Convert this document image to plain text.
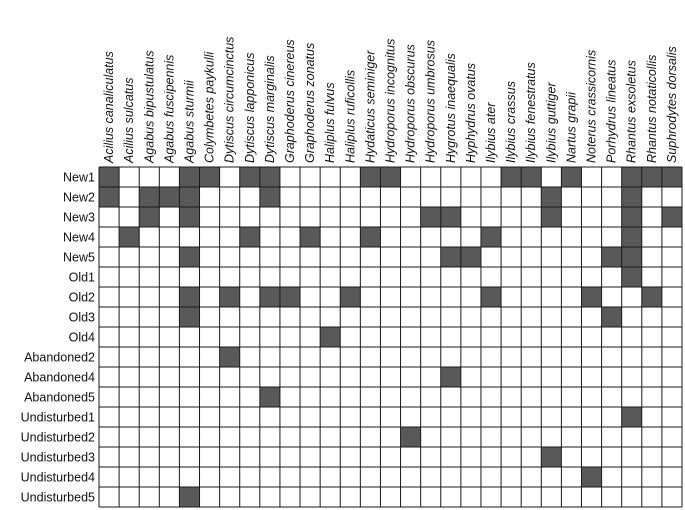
Acilius canaliculatus Acilius sulcatus Agabus bipustulatus Agabus fuscipennis Agabus sturmii Colymbetes paykulli Dytiscus circumcinctus Dytiscus lapponicus Dytiscus marginalis Graphoderus cinereus Graphoderus zonatus Haliplus fulvus Haliplus ruficollis Hydaticus seminiger Hydroporus incognitus Hydroporus obscurus Hydroporus umbrosus Hygrotus inaequalis Hyphydrus ovatus Ilybius ater Ilybius crassus Ilybius fenestratus Ilybius guttiger Nartus grapii Noterus crassicornis Porhydrus lineatus Rhantus exsoletus Rhantus notaticollis Suphrodytes dorsalis
New1
New2
New3
New4
New5
Old1
Old2
Old3
Old4
Abandoned2
Abandoned4
Abandoned5
Undisturbed1
Undisturbed2
Undisturbed3
Undisturbed4
Undisturbed5
